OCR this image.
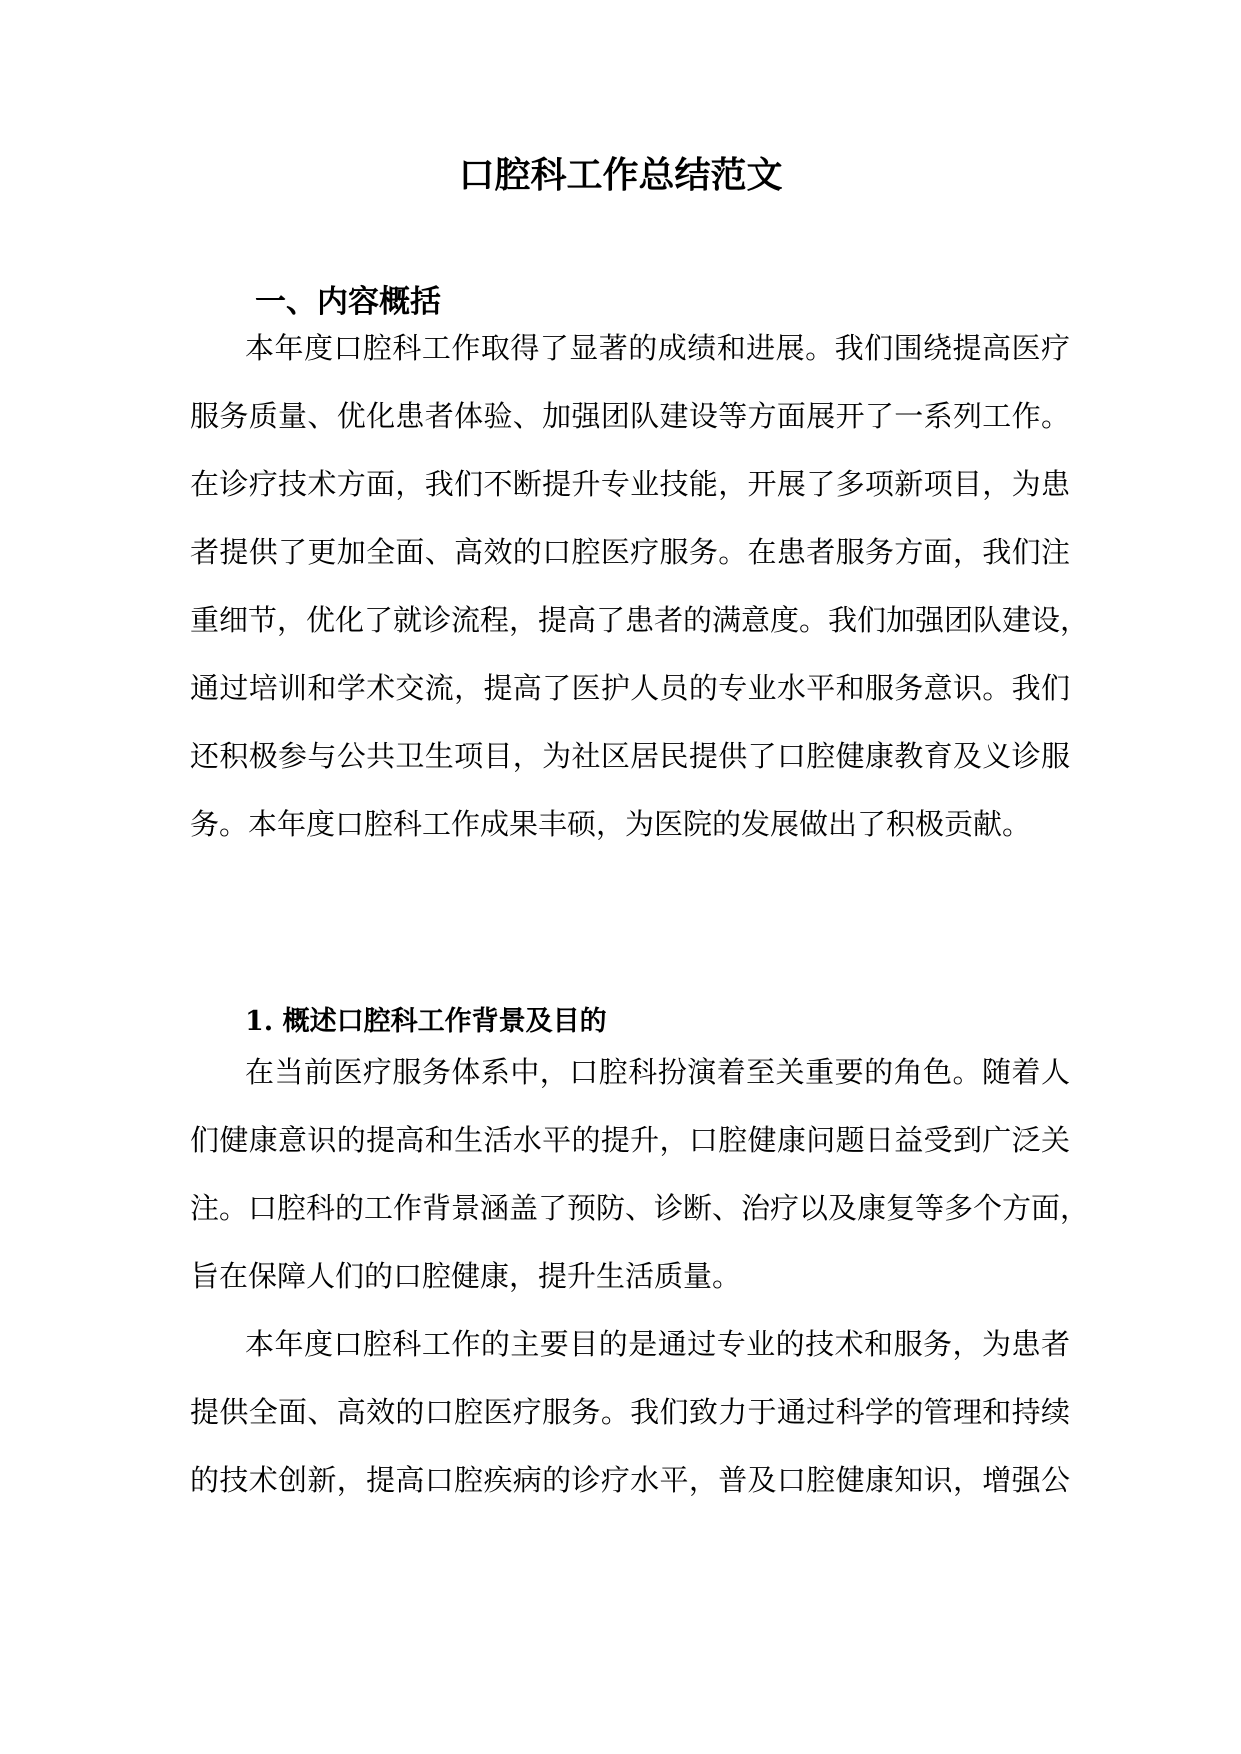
口腔科工作总结范文
一、内容概括

本年度口腔科工作取得了显著的成绩和进展。我们围绕提高医疗

服务质量、优化患者体验、加强团队建设等方面展开了一系列工作。

在诊疗技术方面，我们不断提升专业技能，开展了多项新项目，为患

者提供了更加全面、高效的口腔医疗服务。在患者服务方面，我们注

重细节，优化了就诊流程，提高了患者的满意度。我们加强团队建设，

通过培训和学术交流，提高了医护人员的专业水平和服务意识。我们

还积极参与公共卫生项目，为社区居民提供了口腔健康教育及义诊服

务。本年度口腔科工作成果丰硕，为医院的发展做出了积极贡献。

1. 概述口腔科工作背景及目的

在当前医疗服务体系中，口腔科扮演着至关重要的角色。随着人

们健康意识的提高和生活水平的提升，口腔健康问题日益受到广泛关

注。口腔科的工作背景涵盖了预防、诊断、治疗以及康复等多个方面，

旨在保障人们的口腔健康，提升生活质量。

本年度口腔科工作的主要目的是通过专业的技术和服务，为患者

提供全面、高效的口腔医疗服务。我们致力于通过科学的管理和持续

的技术创新，提高口腔疾病的诊疗水平，普及口腔健康知识，增强公
